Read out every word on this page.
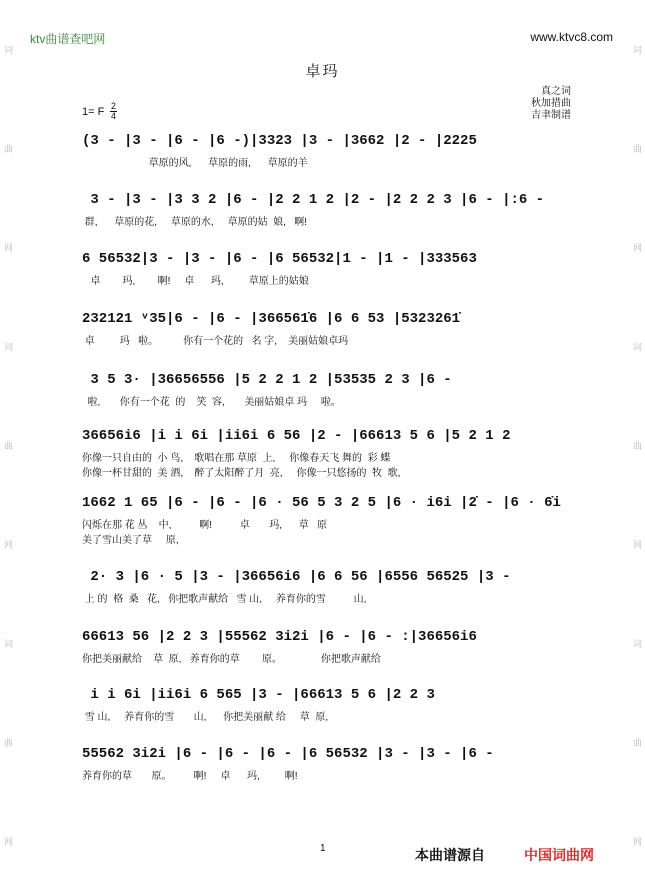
词
曲
网
词
曲
网
词
曲
网
词
曲
网
词
曲
网
词
曲
网
ktv曲谱查吧网	www.ktvc8.com
卓玛
真之词
秋加措曲
吉聿制谱
1= F 2
4
(3 - |3 - |6 - |6 -)|3323 |3 - |3662 |2 - |2225
草原的风,      草原的雨,      草原的羊
3 - |3 - |3 3 2 |6 - |2 2 1 2 |2 - |2 2 2 3 |6 - |:6 -
群,      草原的花,     草原的水,     草原的姑  娘,   啊!
6 56532|3 - |3 - |6 - |6 56532|1 - |1 - |333563
卓        玛,        啊!     卓      玛,         草原上的姑娘
232121 ᵛ35|6 - |6 - |366561̇6 |6 6 53 |5323261̇
卓         玛   啦。         你有一个花的   名 字,    美丽姑娘卓玛
3 5 3· |36656556 |5 2 2 1 2 |53535 2 3 |6 -
啦,       你有一个花  的    笑  容,       美丽姑娘卓 玛     啦。
36656i6 |i i 6i |ii6i 6 56 |2 - |66613 5 6 |5 2 1 2
你像一只自由的  小 鸟,    歌唱在那 草原  上,     你像春天飞 舞的  彩 蝶
你像一杯甘甜的  美 酒,    醉了太阳醉了月  亮,     你像一只悠扬的  牧  歌,
1662 1 65 |6 - |6 - |6 · 56 5 3 2 5 |6 · i6i |2̇ - |6 · 6̇i
闪烁在那 花 丛    中,          啊!          卓       玛,      草   原
美了雪山美了草     原,
2· 3 |6 · 5 |3 - |36656i6 |6 6 56 |6556 56525 |3 -
上 的  格  桑   花,   你把歌声献给   雪 山,     养育你的雪          山,
66613 56 |2 2 3 |55562 3i2i |6 - |6 - :|36656i6
你把美丽献给    草  原,   养育你的草        原。              你把歌声献给
i i 6i |ii6i 6 565 |3 - |66613 5 6 |2 2 3
雪 山,     养育你的雪       山,      你把美丽献 给     草  原,
55562 3i2i |6 - |6 - |6 - |6 56532 |3 - |3 - |6 -
养育你的草       原。        啊!     卓      玛,         啊!
1	本曲谱源自	中国词曲网
